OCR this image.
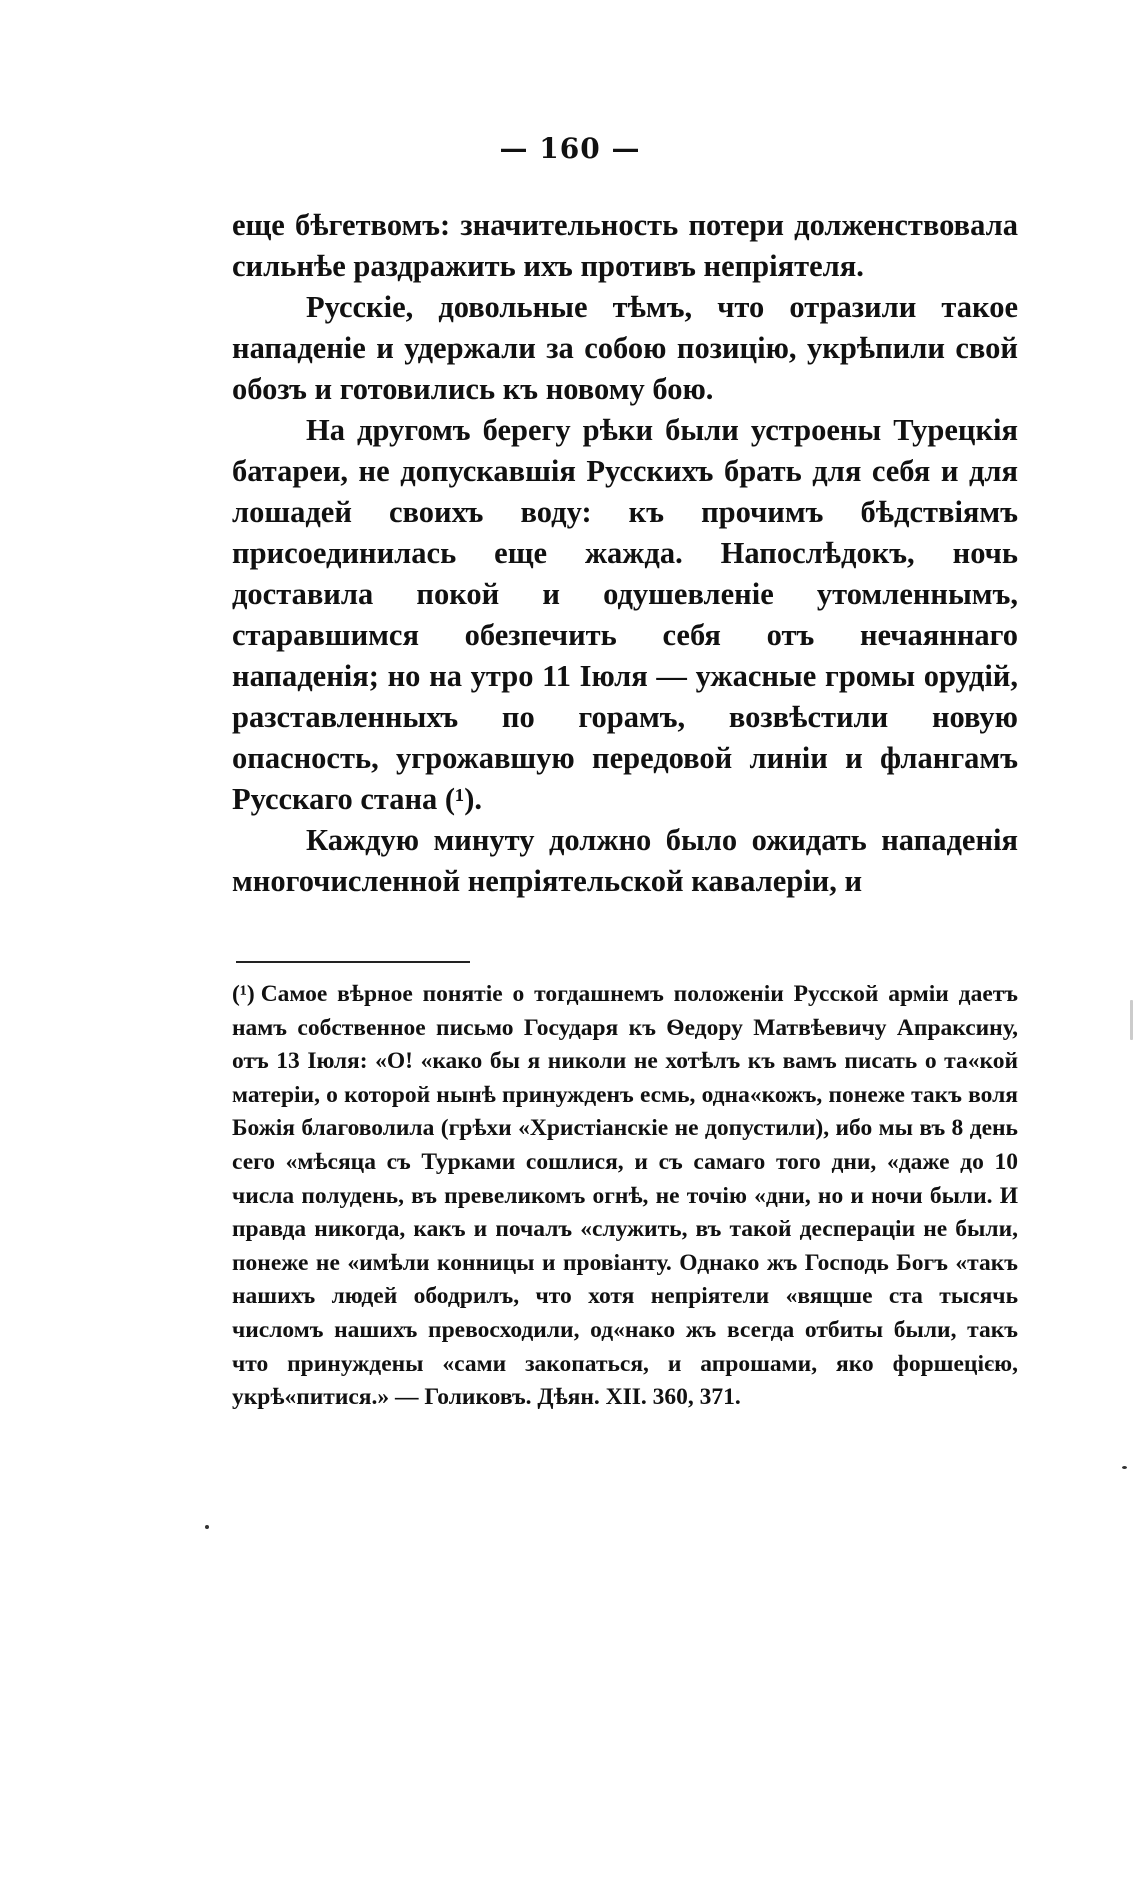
— 160 —

еще бѣгетвомъ: значительность потери долженствовала сильнѣе раздражить ихъ противъ непріятеля.

Русскіе, довольные тѣмъ, что отразили такое нападеніе и удержали за собою позицію, укрѣпили свой обозъ и готовились къ новому бою.

На другомъ берегу рѣки были устроены Турецкія батареи, не допускавшія Русскихъ брать для себя и для лошадей своихъ воду: къ прочимъ бѣдствіямъ присоединилась еще жажда. Напослѣдокъ, ночь доставила покой и одушевленіе утомленнымъ, старавшимся обезпечить себя отъ нечаяннаго нападенія; но на утро 11 Іюля — ужасные громы орудій, разставленныхъ по горамъ, возвѣстили новую опасность, угрожавшую передовой линіи и флангамъ Русскаго стана (¹).

Каждую минуту должно было ожидать нападенія многочисленной непріятельской кавалеріи, и

(¹) Самое вѣрное понятіе о тогдашнемъ положеніи Русской арміи даетъ намъ собственное письмо Государя къ Ѳедору Матвѣевичу Апраксину, отъ 13 Іюля: «О! «како бы я николи не хотѣлъ къ вамъ писать о та«кой матеріи, о которой нынѣ принужденъ есмь, одна«кожъ, понеже такъ воля Божія благоволила (грѣхи «Христіанскіе не допустили), ибо мы въ 8 день сего «мѣсяца съ Турками сошлися, и съ самаго того дни, «даже до 10 числа полудень, въ превеликомъ огнѣ, не точію «дни, но и ночи были. И правда никогда, какъ и почалъ «служить, въ такой десперацiи не были, понеже не «имѣли конницы и провіанту. Однако жъ Господь Богъ «такъ нашихъ людей ободрилъ, что хотя непріятели «вящше ста тысячь числомъ нашихъ превосходили, од«нако жъ всегда отбиты были, такъ что принуждены «сами закопаться, и апрошами, яко форшецією, укрѣ«питися.» — Голиковъ. Дѣян. XII. 360, 371.
